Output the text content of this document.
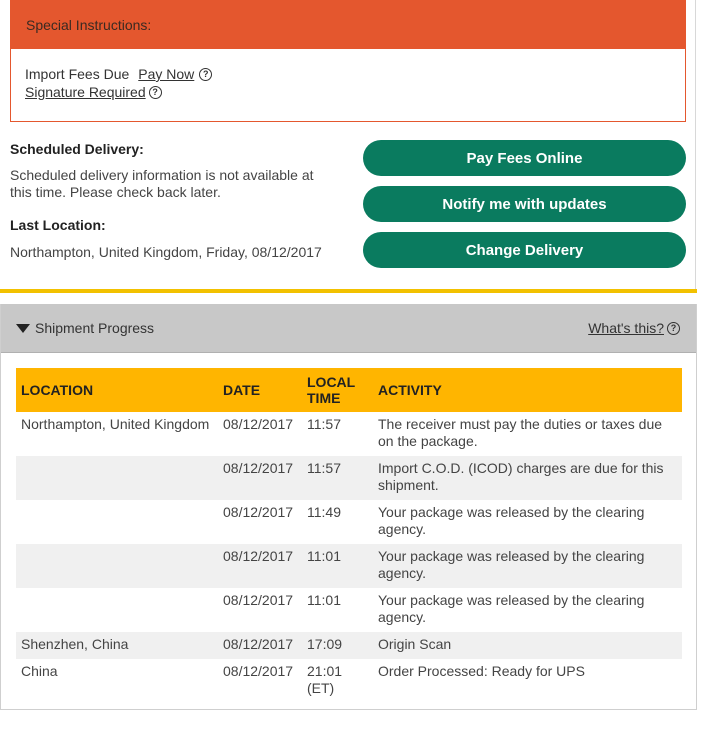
Special Instructions:
Import Fees Due Pay Now ?
Signature Required ?
Scheduled Delivery:
Scheduled delivery information is not available at this time. Please check back later.
Last Location:
Northampton, United Kingdom, Friday, 08/12/2017
Pay Fees Online
Notify me with updates
Change Delivery
Shipment Progress	What's this? ?
LOCATION	DATE	LOCAL TIME	ACTIVITY
Northampton, United Kingdom	08/12/2017	11:57	The receiver must pay the duties or taxes due on the package.
	08/12/2017	11:57	Import C.O.D. (ICOD) charges are due for this shipment.
	08/12/2017	11:49	Your package was released by the clearing agency.
	08/12/2017	11:01	Your package was released by the clearing agency.
	08/12/2017	11:01	Your package was released by the clearing agency.
Shenzhen, China	08/12/2017	17:09	Origin Scan
China	08/12/2017	21:01 (ET)	Order Processed: Ready for UPS
